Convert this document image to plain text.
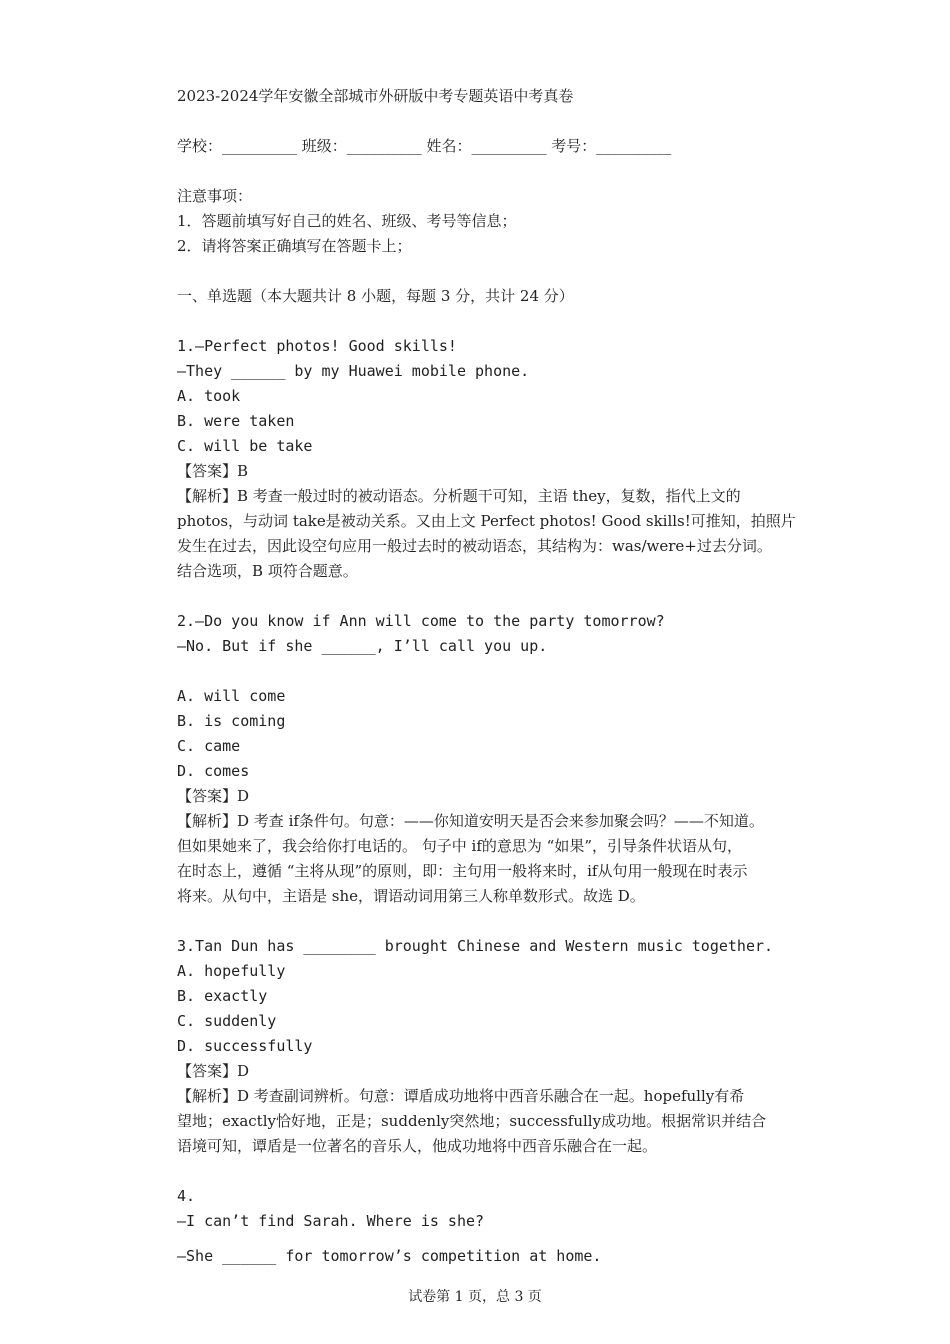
2023-2024学年安徽全部城市外研版中考专题英语中考真卷
学校：__________ 班级：__________ 姓名：__________ 考号：__________
注意事项：
1．答题前填写好自己的姓名、班级、考号等信息；
2．请将答案正确填写在答题卡上；
一、单选题（本大题共计 8 小题，每题 3 分，共计 24 分）
1.—Perfect photos! Good skills!
—They ______ by my Huawei mobile phone.
A. took
B. were taken
C. will be take
【答案】B
【解析】B 考查一般过时的被动语态。分析题干可知，主语 they，复数，指代上文的
photos，与动词 take是被动关系。又由上文 Perfect photos! Good skills!可推知，拍照片
发生在过去，因此设空句应用一般过去时的被动语态，其结构为：was/were+过去分词。
结合选项，B 项符合题意。
2.—Do you know if Ann will come to the party tomorrow?
—No. But if she ______, I’ll call you up.
A. will come
B. is coming
C. came
D. comes
【答案】D
【解析】D 考查 if条件句。句意：——你知道安明天是否会来参加聚会吗？——不知道。
但如果她来了，我会给你打电话的。 句子中 if的意思为 “如果”，引导条件状语从句，
在时态上，遵循 “主将从现”的原则，即：主句用一般将来时，if从句用一般现在时表示
将来。从句中，主语是 she，谓语动词用第三人称单数形式。故选 D。
3.Tan Dun has ________ brought Chinese and Western music together.
A. hopefully
B. exactly
C. suddenly
D. successfully
【答案】D
【解析】D 考查副词辨析。句意：谭盾成功地将中西音乐融合在一起。hopefully有希
望地；exactly恰好地，正是；suddenly突然地；successfully成功地。根据常识并结合
语境可知，谭盾是一位著名的音乐人，他成功地将中西音乐融合在一起。
4.
—I can’t find Sarah. Where is she?
—She ______ for tomorrow’s competition at home.
试卷第 1 页，总 3 页
